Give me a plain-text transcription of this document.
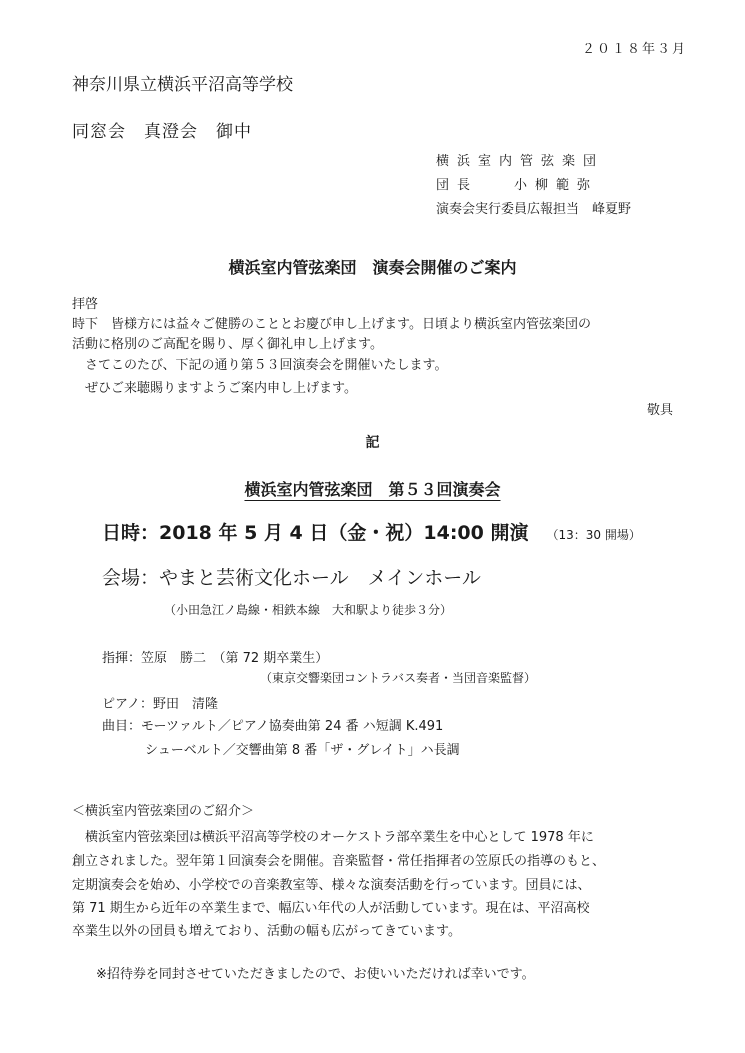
２０１８年３月
神奈川県立横浜平沼高等学校
同窓会　真澄会　御中
横浜室内管弦楽団
団長	小柳範弥
演奏会実行委員広報担当　峰夏野
横浜室内管弦楽団　演奏会開催のご案内
拝啓
時下　皆様方には益々ご健勝のこととお慶び申し上げます。日頃より横浜室内管弦楽団の
活動に格別のご高配を賜り、厚く御礼申し上げます。
　さてこのたび、下記の通り第５３回演奏会を開催いたします。
　ぜひご来聴賜りますようご案内申し上げます。
敬具
記
横浜室内管弦楽団　第５３回演奏会
日時：2018 年 5 月 4 日（金・祝）14:00 開演 （13：30 開場）
会場：やまと芸術文化ホール　メインホール
（小田急江ノ島線・相鉄本線　大和駅より徒歩３分）
指揮：笠原　勝二　（第 72 期卒業生）
（東京交響楽団コントラバス奏者・当団音楽監督）
ピアノ：野田　清隆
曲目：モーツァルト／ピアノ協奏曲第 24 番 ハ短調 K.491
シューベルト／交響曲第 8 番「ザ・グレイト」ハ長調
＜横浜室内管弦楽団のご紹介＞
　横浜室内管弦楽団は横浜平沼高等学校のオーケストラ部卒業生を中心として 1978 年に
創立されました。翌年第１回演奏会を開催。音楽監督・常任指揮者の笠原氏の指導のもと、
定期演奏会を始め、小学校での音楽教室等、様々な演奏活動を行っています。団員には、
第 71 期生から近年の卒業生まで、幅広い年代の人が活動しています。現在は、平沼高校
卒業生以外の団員も増えており、活動の幅も広がってきています。
※招待券を同封させていただきましたので、お使いいただければ幸いです。
